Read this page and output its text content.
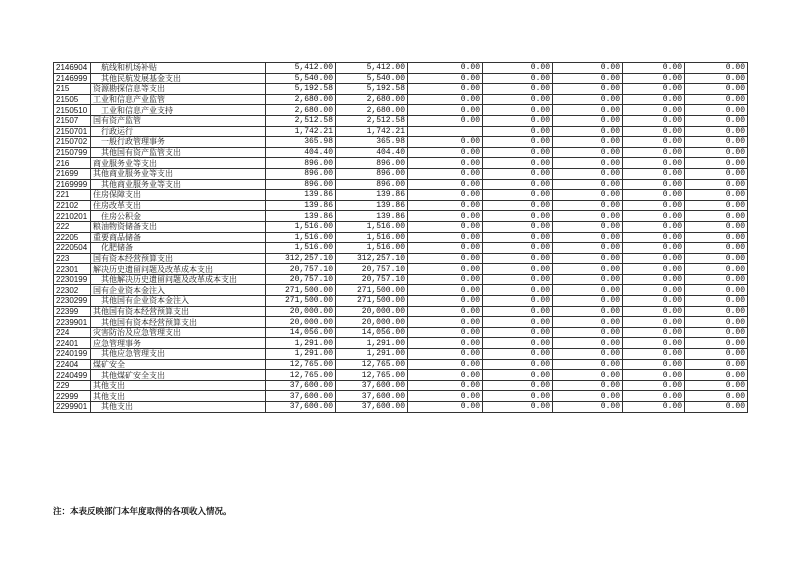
2146904	航线和机场补贴	5,412.00	5,412.00	0.00	0.00	0.00	0.00	0.00
2146999	其他民航发展基金支出	5,540.00	5,540.00	0.00	0.00	0.00	0.00	0.00
215	资源勘探信息等支出	5,192.58	5,192.58	0.00	0.00	0.00	0.00	0.00
21505	工业和信息产业监管	2,680.00	2,680.00	0.00	0.00	0.00	0.00	0.00
2150510	工业和信息产业支持	2,680.00	2,680.00	0.00	0.00	0.00	0.00	0.00
21507	国有资产监管	2,512.58	2,512.58	0.00	0.00	0.00	0.00	0.00
2150701	行政运行	1,742.21	1,742.21		0.00	0.00	0.00	0.00
2150702	一般行政管理事务	365.98	365.98	0.00	0.00	0.00	0.00	0.00
2150799	其他国有资产监管支出	404.40	404.40	0.00	0.00	0.00	0.00	0.00
216	商业服务业等支出	896.00	896.00	0.00	0.00	0.00	0.00	0.00
21699	其他商业服务业等支出	896.00	896.00	0.00	0.00	0.00	0.00	0.00
2169999	其他商业服务业等支出	896.00	896.00	0.00	0.00	0.00	0.00	0.00
221	住房保障支出	139.86	139.86	0.00	0.00	0.00	0.00	0.00
22102	住房改革支出	139.86	139.86	0.00	0.00	0.00	0.00	0.00
2210201	住房公积金	139.86	139.86	0.00	0.00	0.00	0.00	0.00
222	粮油物资储备支出	1,516.00	1,516.00	0.00	0.00	0.00	0.00	0.00
22205	重要商品储备	1,516.00	1,516.00	0.00	0.00	0.00	0.00	0.00
2220504	化肥储备	1,516.00	1,516.00	0.00	0.00	0.00	0.00	0.00
223	国有资本经营预算支出	312,257.10	312,257.10	0.00	0.00	0.00	0.00	0.00
22301	解决历史遗留问题及改革成本支出	20,757.10	20,757.10	0.00	0.00	0.00	0.00	0.00
2230199	其他解决历史遗留问题及改革成本支出	20,757.10	20,757.10	0.00	0.00	0.00	0.00	0.00
22302	国有企业资本金注入	271,500.00	271,500.00	0.00	0.00	0.00	0.00	0.00
2230299	其他国有企业资本金注入	271,500.00	271,500.00	0.00	0.00	0.00	0.00	0.00
22399	其他国有资本经营预算支出	20,000.00	20,000.00	0.00	0.00	0.00	0.00	0.00
2239901	其他国有资本经营预算支出	20,000.00	20,000.00	0.00	0.00	0.00	0.00	0.00
224	灾害防治及应急管理支出	14,056.00	14,056.00	0.00	0.00	0.00	0.00	0.00
22401	应急管理事务	1,291.00	1,291.00	0.00	0.00	0.00	0.00	0.00
2240199	其他应急管理支出	1,291.00	1,291.00	0.00	0.00	0.00	0.00	0.00
22404	煤矿安全	12,765.00	12,765.00	0.00	0.00	0.00	0.00	0.00
2240499	其他煤矿安全支出	12,765.00	12,765.00	0.00	0.00	0.00	0.00	0.00
229	其他支出	37,600.00	37,600.00	0.00	0.00	0.00	0.00	0.00
22999	其他支出	37,600.00	37,600.00	0.00	0.00	0.00	0.00	0.00
2299901	其他支出	37,600.00	37,600.00	0.00	0.00	0.00	0.00	0.00
注：本表反映部门本年度取得的各项收入情况。
